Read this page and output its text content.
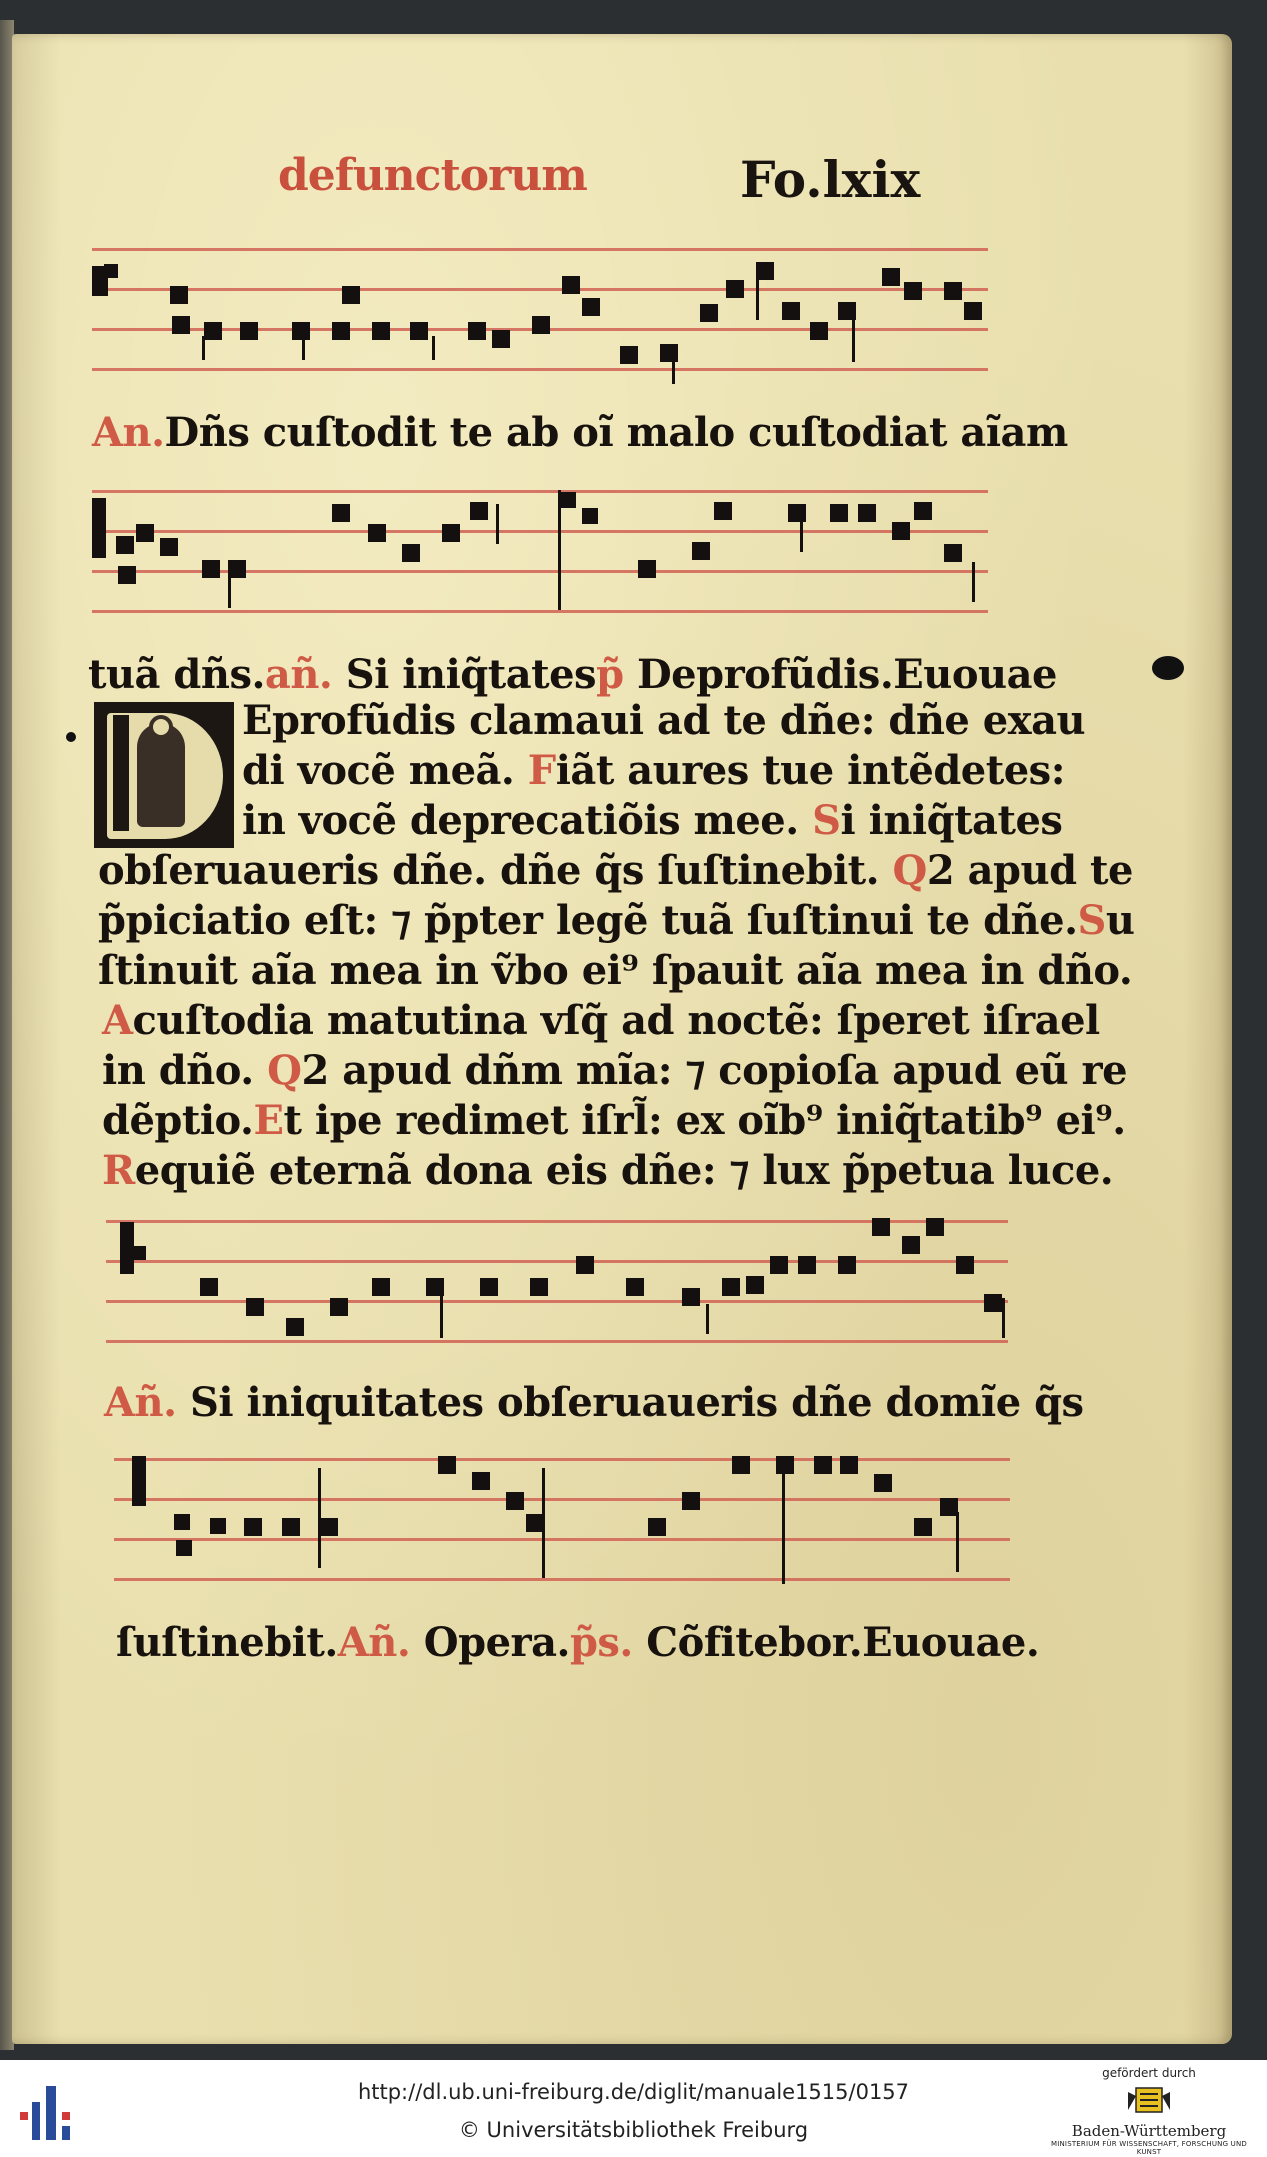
defunctorum	Fo.lxix
An.Dñs cuſtodit te ab oĩ malo cuſtodiat aĩam
tuã dñs.añ. Si iniq̃tatesp̃ Deprofũdis.Euouae
Eprofũdis clamaui ad te dñe: dñe exau
di vocẽ meã. Fiãt aures tue intẽdetes:
in vocẽ deprecatiõis mee. Si iniq̃tates
obſeruaueris dñe. dñe q̃s ſuſtinebit. Q2 apud te
p̃piciatio eſt: ⁊ p̃pter legẽ tuã ſuſtinui te dñe.Su
ſtinuit aĩa mea in ṽbo ei⁹ ſpauit aĩa mea in dño.
Acuſtodia matutina vſq̃ ad noctẽ: ſperet iſrael
in dño. Q2 apud dñm mĩa: ⁊ copioſa apud eũ re
dẽptio.Et ipe redimet iſrl̃: ex oĩb⁹ iniq̃tatib⁹ ei⁹.
Requiẽ eternã dona eis dñe: ⁊ lux p̃petua luce.
Añ. Si iniquitates obſeruaueris dñe domĩe q̃s
ſuſtinebit.Añ. Opera.p̃s. Cõfitebor.Euouae.
http://dl.ub.uni-freiburg.de/diglit/manuale1515/0157
© Universitätsbibliothek Freiburg
gefördert durch
Baden-Württemberg
MINISTERIUM FÜR WISSENSCHAFT, FORSCHUNG UND KUNST
